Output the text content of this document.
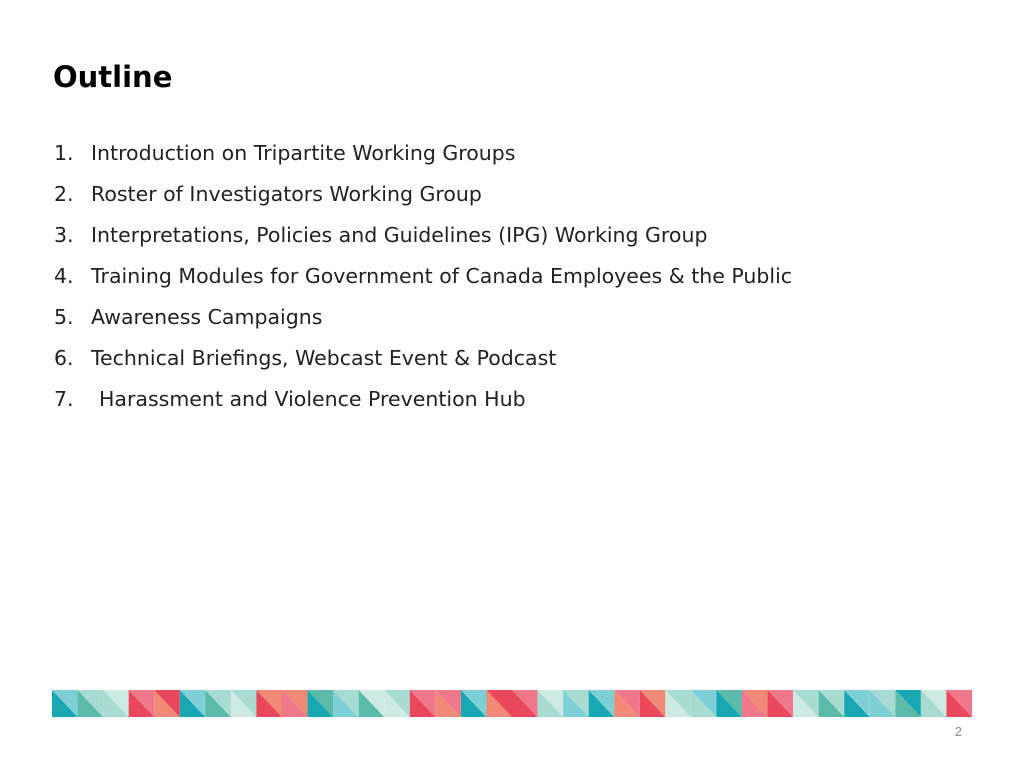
Outline
1. Introduction on Tripartite Working Groups
2. Roster of Investigators Working Group
3. Interpretations, Policies and Guidelines (IPG) Working Group
4. Training Modules for Government of Canada Employees & the Public
5. Awareness Campaigns
6. Technical Briefings, Webcast Event & Podcast
7.	Harassment and Violence Prevention Hub
2
